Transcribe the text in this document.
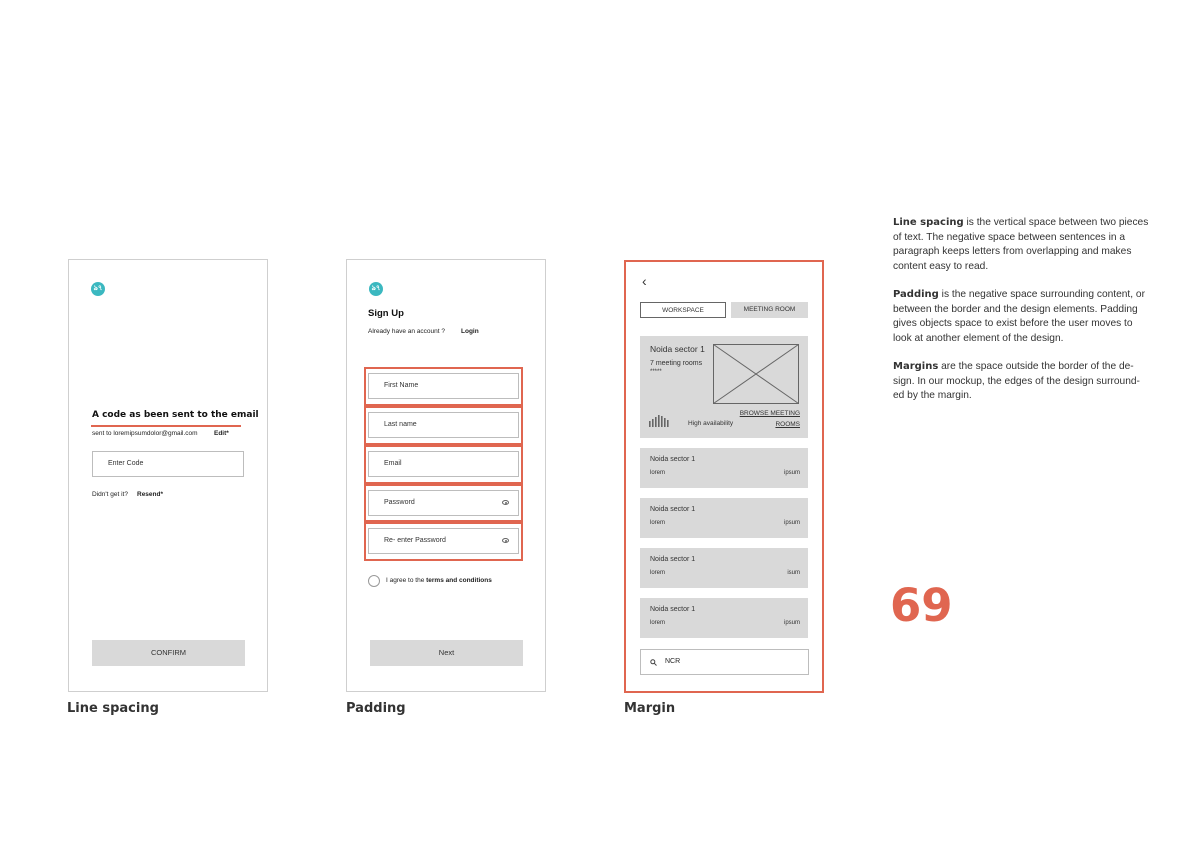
ঌ৭
A code as been sent to the email
sent to loremipsumdolor@gmail.com	Edit*
Enter Code
Didn't get it? Resend*
CONFIRM
Line spacing
ঌ৭
Sign Up
Already have an account ? Login
First Name
Last name
Email
Password
Re- enter Password
I agree to the terms and conditions
Next
Padding
‹
WORKSPACE	MEETING ROOM
Noida sector 1
7 meeting rooms
*****
High availability
BROWSE MEETING
ROOMS
Noida sector 1
lorem	ipsum
Noida sector 1
lorem	ipsum
Noida sector 1
lorem	isum
Noida sector 1
lorem	ipsum
NCR
Margin
Line spacing is the vertical space between two pieces of text. The negative space between sentences in a paragraph keeps letters from overlapping and makes content easy to read.
Padding is the negative space surrounding content, or between the border and the design elements. Padding gives objects space to exist before the user moves to look at another element of the design.
Margins are the space outside the border of the de-sign. In our mockup, the edges of the design surround-ed by the margin.
69
